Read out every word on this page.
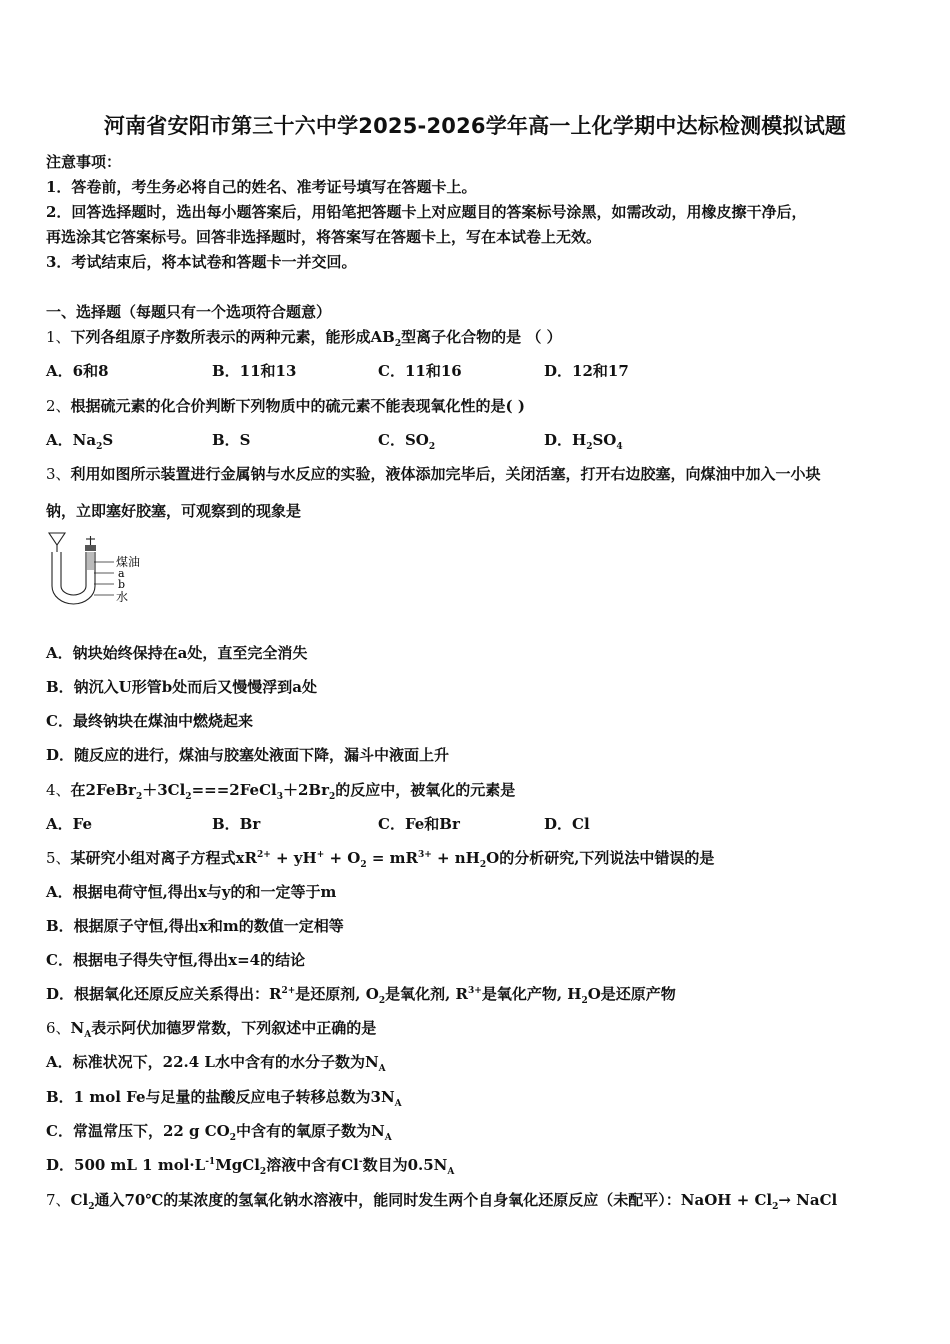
河南省安阳市第三十六中学2025-2026学年高一上化学期中达标检测模拟试题
注意事项：
1．答卷前，考生务必将自己的姓名、准考证号填写在答题卡上。
2．回答选择题时，选出每小题答案后，用铅笔把答题卡上对应题目的答案标号涂黑，如需改动，用橡皮擦干净后，
再选涂其它答案标号。回答非选择题时，将答案写在答题卡上，写在本试卷上无效。
3．考试结束后，将本试卷和答题卡一并交回。
一、选择题（每题只有一个选项符合题意）
1、下列各组原子序数所表示的两种元素，能形成$AB_2$型离子化合物的是 （ ）
A．6和8	B．11和13	C．11和16	D．12和17
2、根据硫元素的化合价判断下列物质中的硫元素不能表现氧化性的是( )
A．$Na_2S$	B．S	C．$SO_2$	D．$H_2SO_4$
3、利用如图所示装置进行金属钠与水反应的实验，液体添加完毕后，关闭活塞，打开右边胶塞，向煤油中加入一小块
钠，立即塞好胶塞，可观察到的现象是
煤油
a
b
水
A．钠块始终保持在a处，直至完全消失
B．钠沉入U形管b处而后又慢慢浮到a处
C．最终钠块在煤油中燃烧起来
D．随反应的进行，煤油与胶塞处液面下降，漏斗中液面上升
4、在$2FeBr_2+3Cl_2===2FeCl_3+2Br_2$的反应中，被氧化的元素是
A．Fe	B．Br	C．Fe和Br	D．Cl
5、某研究小组对离子方程式$xR^{2+} + yH^+ + O_2 = mR^{3+} + nH_2O$的分析研究,下列说法中错误的是
A．根据电荷守恒,得出x与y的和一定等于m
B．根据原子守恒,得出x和m的数值一定相等
C．根据电子得失守恒,得出x=4的结论
D．根据氧化还原反应关系得出：$R^{2+}$是还原剂, $O_2$是氧化剂, $R^{3+}$是氧化产物, $H_2O$是还原产物
6、$N_A$表示阿伏加德罗常数，下列叙述中正确的是
A．标准状况下，22.4 L水中含有的水分子数为$N_A$
B．1 mol Fe与足量的盐酸反应电子转移总数为$3N_A$
C．常温常压下，22 g $CO_2$中含有的氧原子数为$N_A$
D．500 mL 1 $mol\cdot L^{-1}MgCl_2$溶液中含有Cl-数目为$0.5N_A$
7、$Cl_2$通入70℃的某浓度的氢氧化钠水溶液中，能同时发生两个自身氧化还原反应（未配平）：NaOH + $Cl_2\to$ NaCl
